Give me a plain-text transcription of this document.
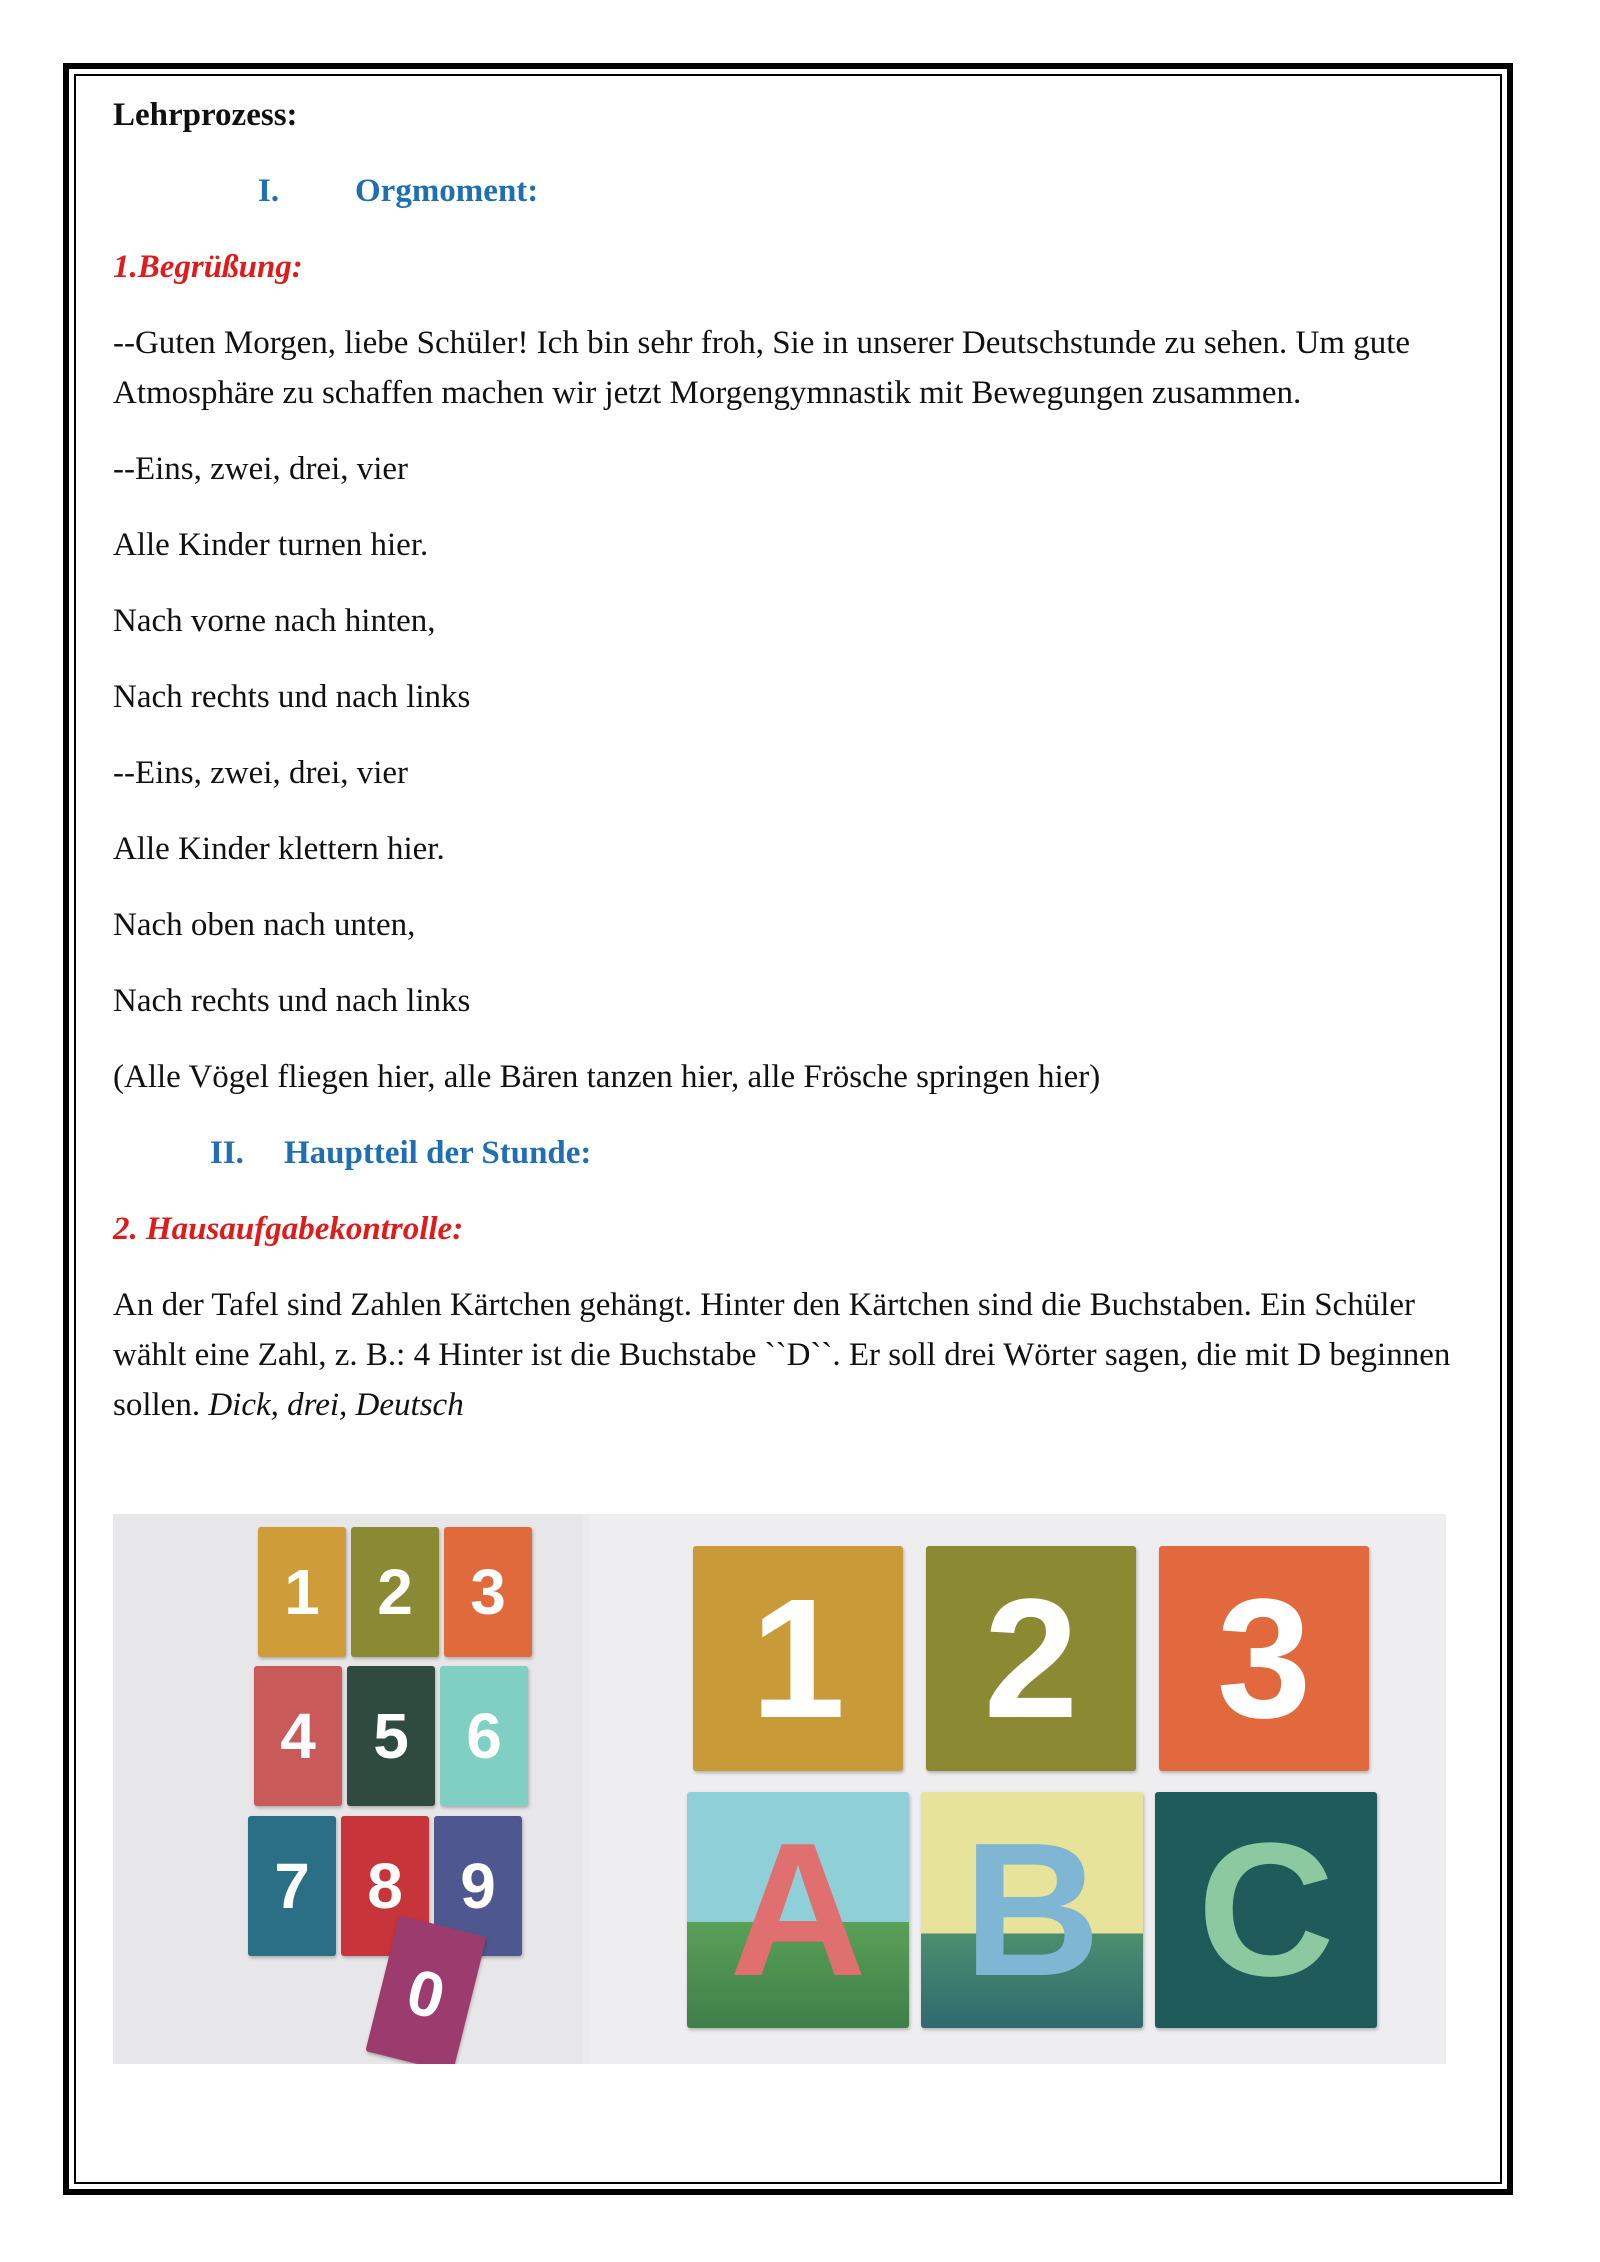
Lehrprozess:
I.	Orgmoment:
1.Begrüßung:
--Guten Morgen, liebe Schüler! Ich bin sehr froh, Sie in unserer Deutschstunde zu sehen. Um gute Atmosphäre zu schaffen machen wir jetzt Morgengymnastik mit Bewegungen zusammen.
--Eins, zwei, drei, vier
Alle Kinder turnen hier.
Nach vorne nach hinten,
Nach rechts und nach links
--Eins, zwei, drei, vier
Alle Kinder klettern hier.
Nach oben nach unten,
Nach rechts und nach links
(Alle Vögel fliegen hier, alle Bären tanzen hier, alle Frösche springen hier)
II.	Hauptteil der Stunde:
2. Hausaufgabekontrolle:
An der Tafel sind Zahlen Kärtchen gehängt. Hinter den Kärtchen sind die Buchstaben. Ein Schüler wählt eine Zahl, z. B.: 4 Hinter ist die Buchstabe ``D``. Er soll drei Wörter sagen, die mit D beginnen sollen. Dick, drei, Deutsch
1 2 3
4 5 6
7 8 9
0
1 2 3
A B C
